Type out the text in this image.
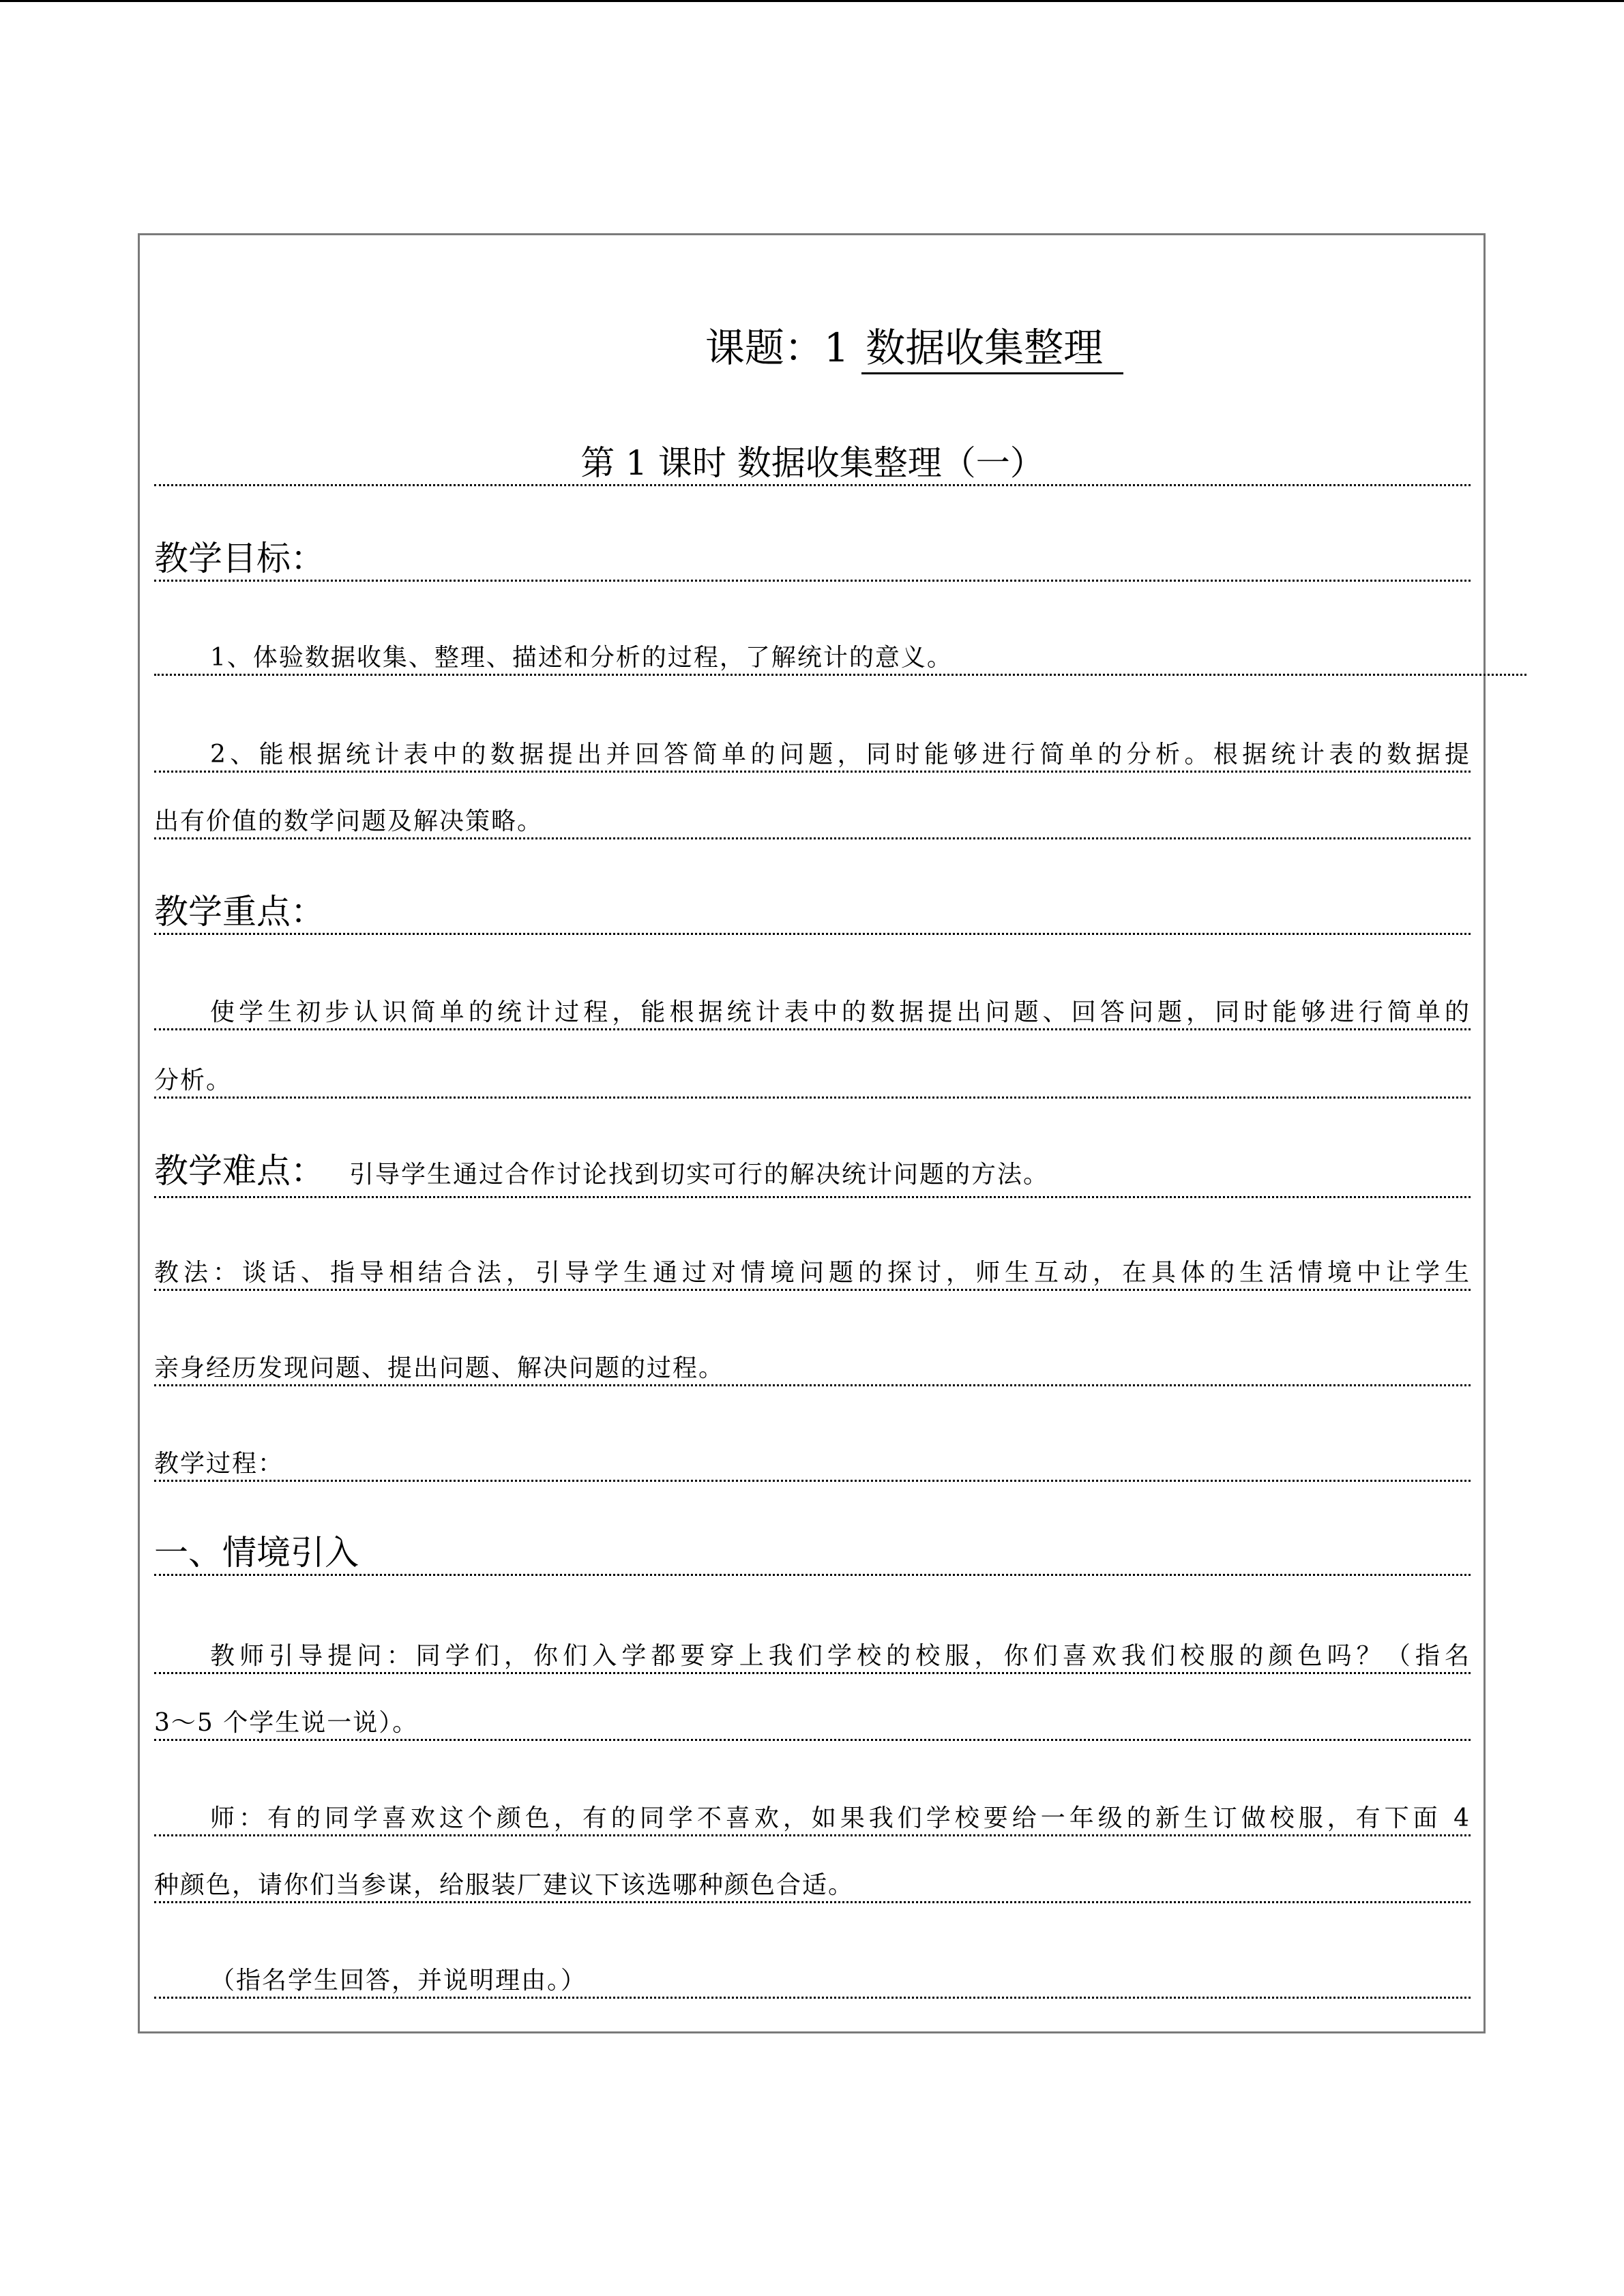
课题：1 数据收集整理
第 1 课时 数据收集整理（一）
教学目标：
1、体验数据收集、整理、描述和分析的过程，了解统计的意义。
2、能根据统计表中的数据提出并回答简单的问题，同时能够进行简单的分析。根据统计表的数据提
出有价值的数学问题及解决策略。
教学重点：
使学生初步认识简单的统计过程，能根据统计表中的数据提出问题、回答问题，同时能够进行简单的
分析。
教学难点： 引导学生通过合作讨论找到切实可行的解决统计问题的方法。
教法：谈话、指导相结合法，引导学生通过对情境问题的探讨，师生互动，在具体的生活情境中让学生
亲身经历发现问题、提出问题、解决问题的过程。
教学过程：
一、情境引入
教师引导提问：同学们，你们入学都要穿上我们学校的校服，你们喜欢我们校服的颜色吗？（指名
3～5 个学生说一说）。
师：有的同学喜欢这个颜色，有的同学不喜欢，如果我们学校要给一年级的新生订做校服，有下面 4
种颜色，请你们当参谋，给服装厂建议下该选哪种颜色合适。
（指名学生回答，并说明理由。）
